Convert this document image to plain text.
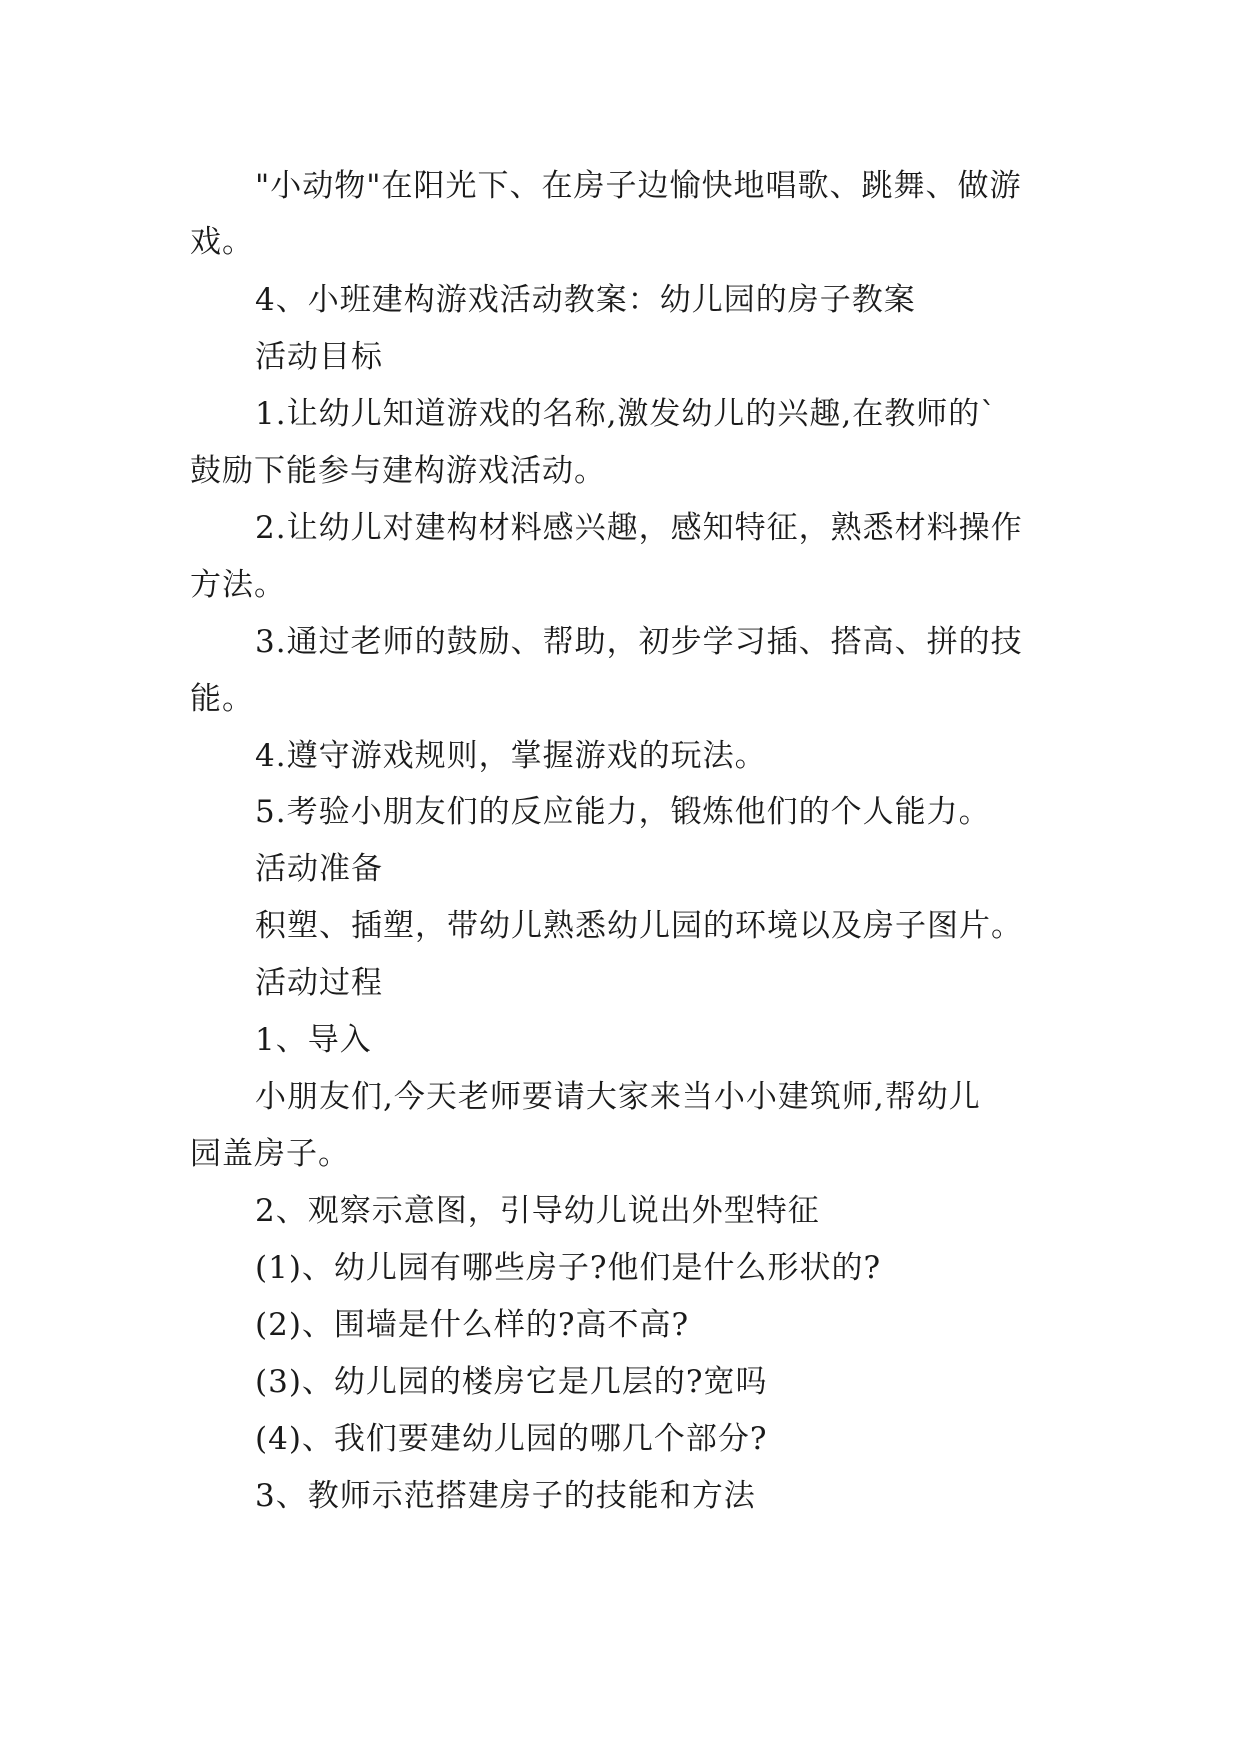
"小动物"在阳光下、在房子边愉快地唱歌、跳舞、做游
戏。
4、小班建构游戏活动教案：幼儿园的房子教案
活动目标
1.让幼儿知道游戏的名称,激发幼儿的兴趣,在教师的`
鼓励下能参与建构游戏活动。
2.让幼儿对建构材料感兴趣，感知特征，熟悉材料操作
方法。
3.通过老师的鼓励、帮助，初步学习插、搭高、拼的技
能。
4.遵守游戏规则，掌握游戏的玩法。
5.考验小朋友们的反应能力，锻炼他们的个人能力。
活动准备
积塑、插塑，带幼儿熟悉幼儿园的环境以及房子图片。
活动过程
1、导入
小朋友们,今天老师要请大家来当小小建筑师,帮幼儿
园盖房子。
2、观察示意图，引导幼儿说出外型特征
(1)、幼儿园有哪些房子?他们是什么形状的?
(2)、围墙是什么样的?高不高?
(3)、幼儿园的楼房它是几层的?宽吗
(4)、我们要建幼儿园的哪几个部分?
3、教师示范搭建房子的技能和方法
